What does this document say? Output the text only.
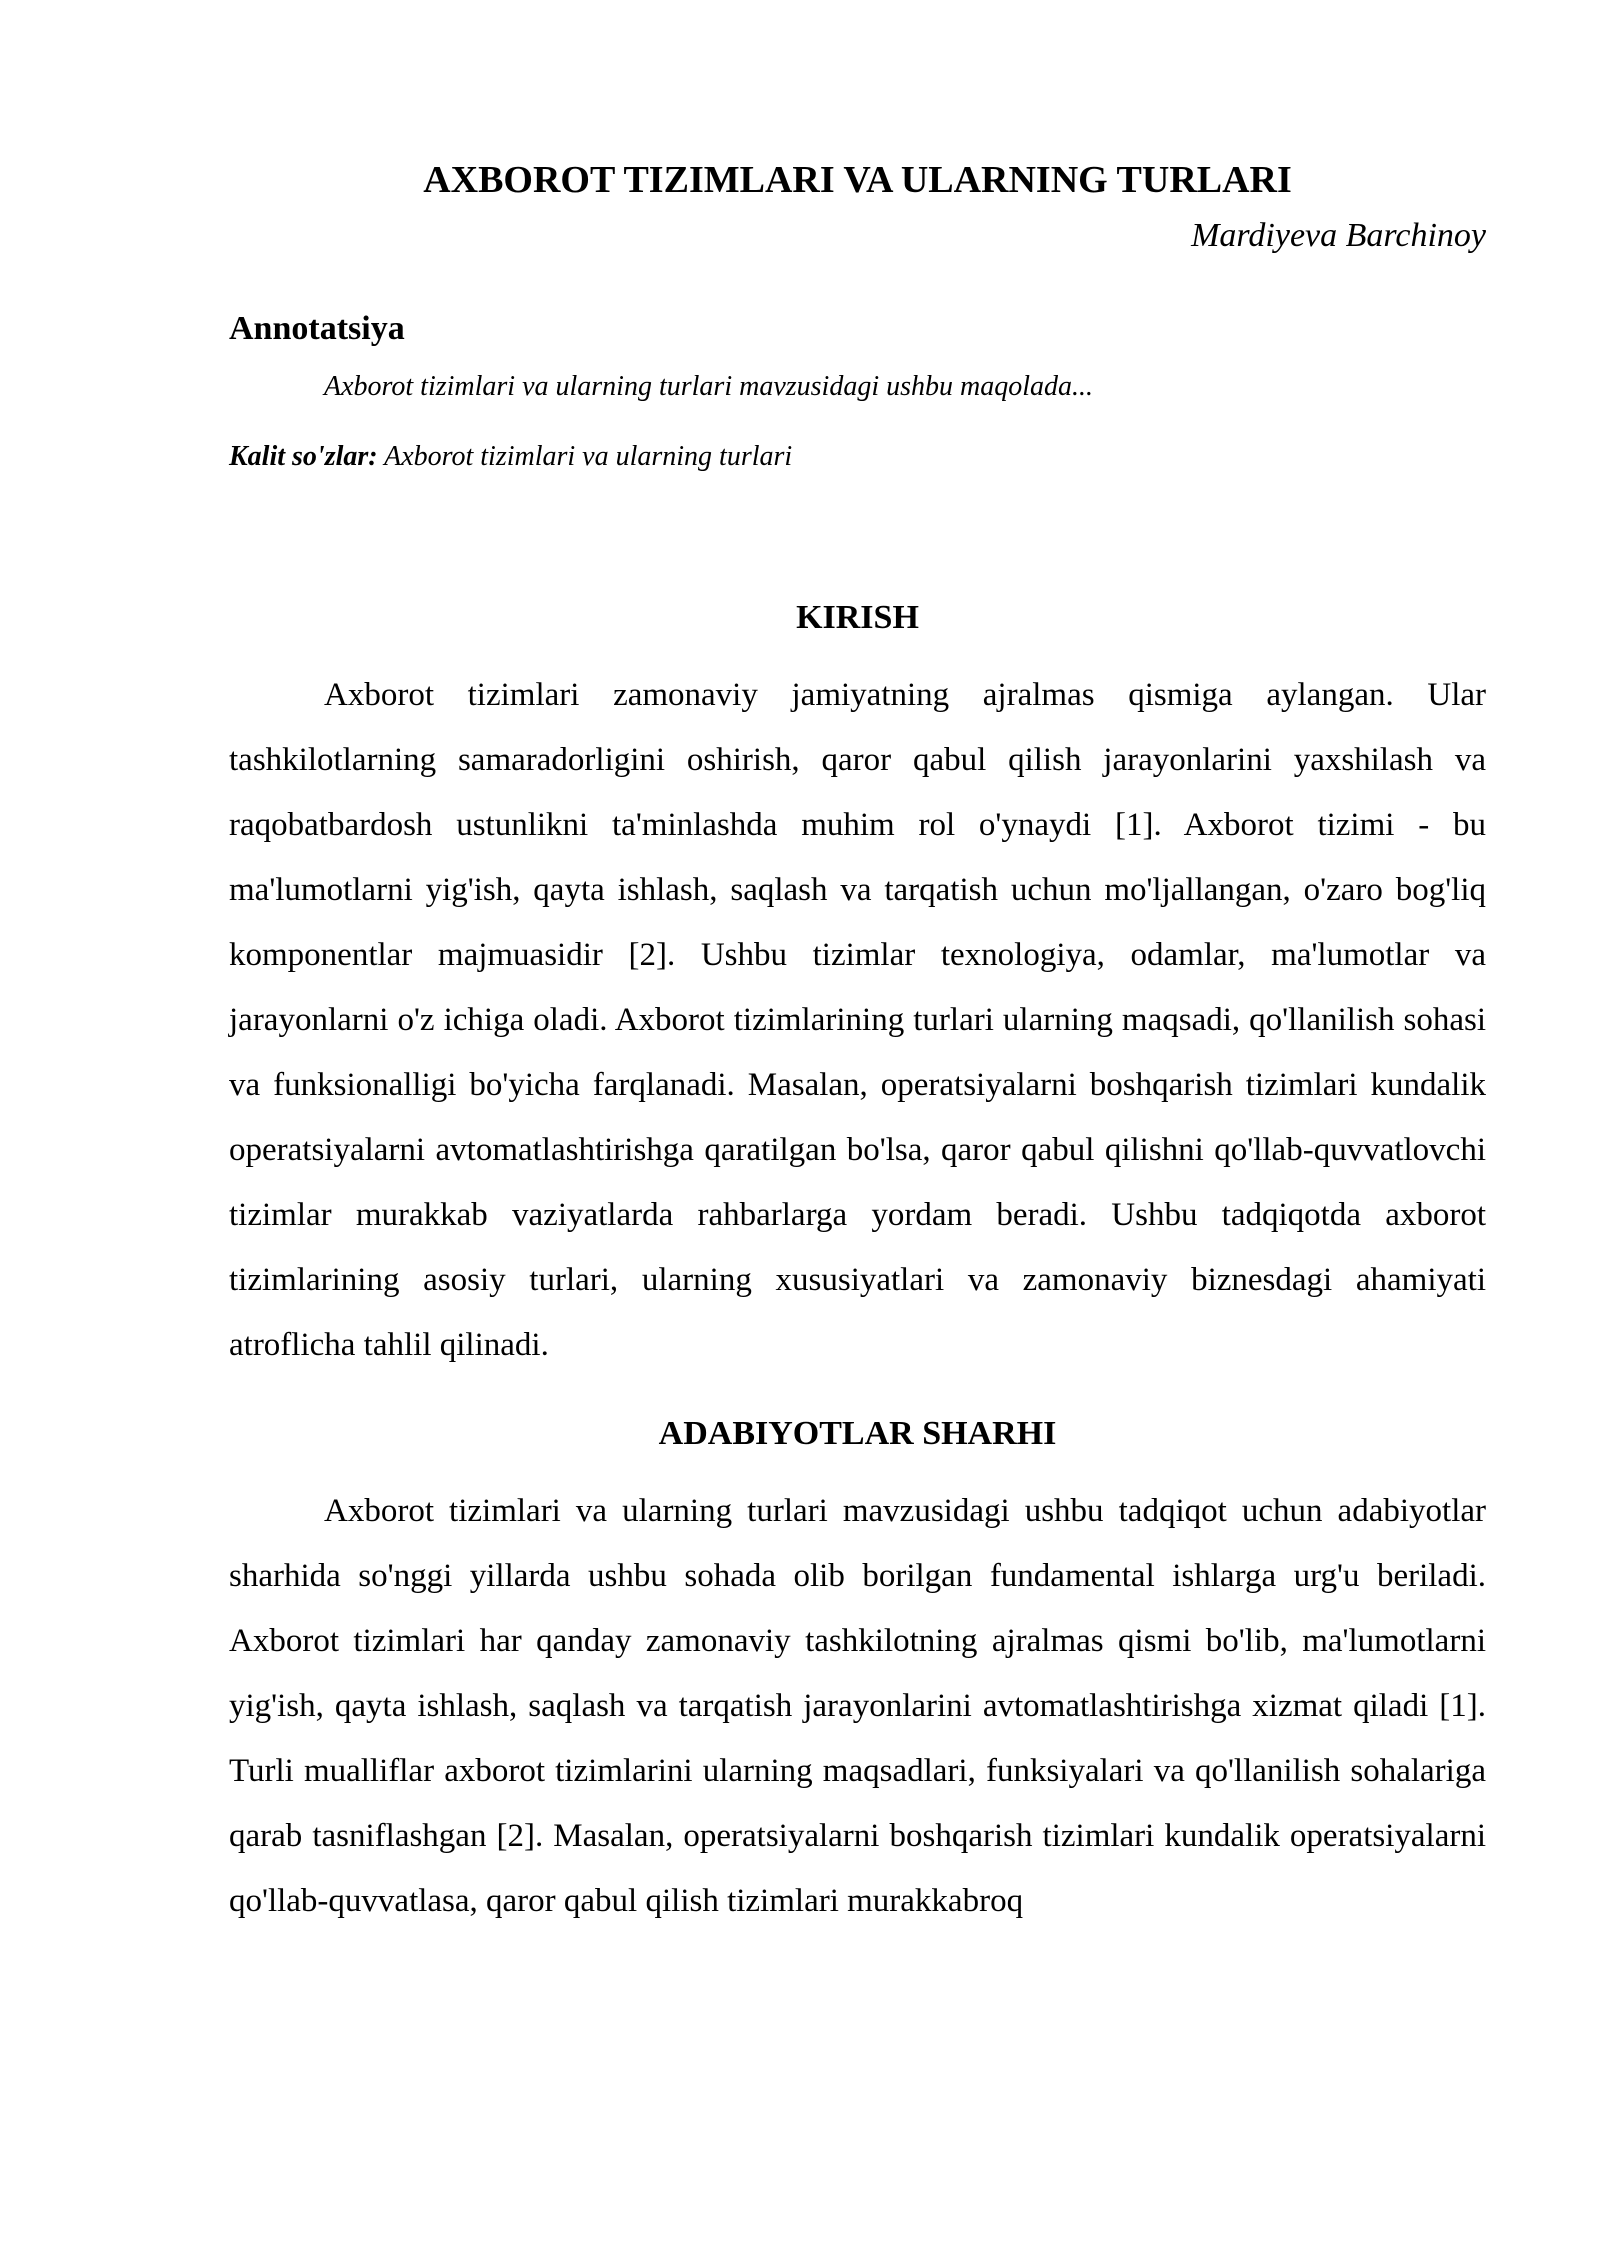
AXBOROT TIZIMLARI VA ULARNING TURLARI

Mardiyeva Barchinoy

Annotatsiya

Axborot tizimlari va ularning turlari mavzusidagi ushbu maqolada...

Kalit so'zlar: Axborot tizimlari va ularning turlari

KIRISH

Axborot tizimlari zamonaviy jamiyatning ajralmas qismiga aylangan. Ular tashkilotlarning samaradorligini oshirish, qaror qabul qilish jarayonlarini yaxshilash va raqobatbardosh ustunlikni ta'minlashda muhim rol o'ynaydi [1]. Axborot tizimi - bu ma'lumotlarni yig'ish, qayta ishlash, saqlash va tarqatish uchun mo'ljallangan, o'zaro bog'liq komponentlar majmuasidir [2]. Ushbu tizimlar texnologiya, odamlar, ma'lumotlar va jarayonlarni o'z ichiga oladi. Axborot tizimlarining turlari ularning maqsadi, qo'llanilish sohasi va funksionalligi bo'yicha farqlanadi. Masalan, operatsiyalarni boshqarish tizimlari kundalik operatsiyalarni avtomatlashtirishga qaratilgan bo'lsa, qaror qabul qilishni qo'llab-quvvatlovchi tizimlar murakkab vaziyatlarda rahbarlarga yordam beradi. Ushbu tadqiqotda axborot tizimlarining asosiy turlari, ularning xususiyatlari va zamonaviy biznesdagi ahamiyati atroflicha tahlil qilinadi.

ADABIYOTLAR SHARHI

Axborot tizimlari va ularning turlari mavzusidagi ushbu tadqiqot uchun adabiyotlar sharhida so'nggi yillarda ushbu sohada olib borilgan fundamental ishlarga urg'u beriladi. Axborot tizimlari har qanday zamonaviy tashkilotning ajralmas qismi bo'lib, ma'lumotlarni yig'ish, qayta ishlash, saqlash va tarqatish jarayonlarini avtomatlashtirishga xizmat qiladi [1]. Turli mualliflar axborot tizimlarini ularning maqsadlari, funksiyalari va qo'llanilish sohalariga qarab tasniflashgan [2]. Masalan, operatsiyalarni boshqarish tizimlari kundalik operatsiyalarni qo'llab-quvvatlasa, qaror qabul qilish tizimlari murakkabroq
